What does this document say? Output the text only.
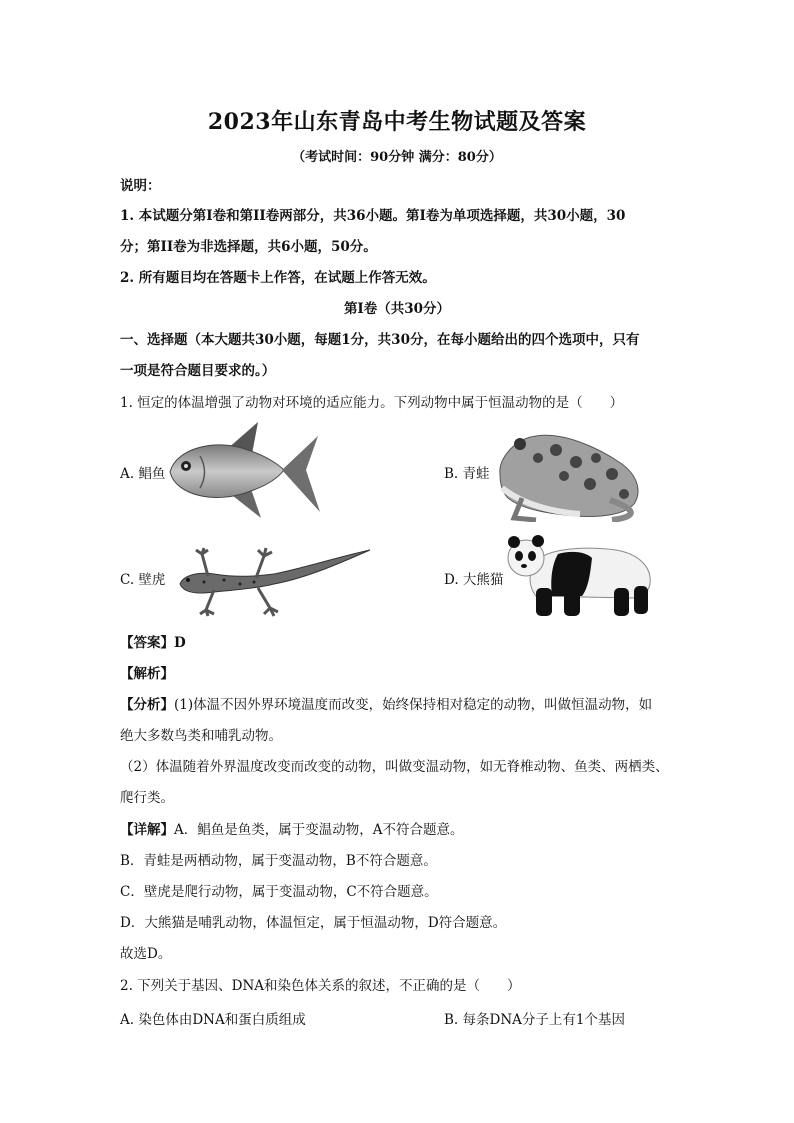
2023年山东青岛中考生物试题及答案
（考试时间：90分钟 满分：80分）
说明：
1. 本试题分第I卷和第II卷两部分，共36小题。第I卷为单项选择题，共30小题，30
分；第II卷为非选择题，共6小题，50分。
2. 所有题目均在答题卡上作答，在试题上作答无效。
第I卷（共30分）
一、选择题（本大题共30小题，每题1分，共30分，在每小题给出的四个选项中，只有
一项是符合题目要求的。）
1. 恒定的体温增强了动物对环境的适应能力。下列动物中属于恒温动物的是（　　）
A. 鲳鱼	B. 青蛙
C. 壁虎	D. 大熊猫
【答案】D
【解析】
【分析】(1)体温不因外界环境温度而改变，始终保持相对稳定的动物，叫做恒温动物，如
绝大多数鸟类和哺乳动物。
（2）体温随着外界温度改变而改变的动物，叫做变温动物，如无脊椎动物、鱼类、两栖类、
爬行类。
【详解】A．鲳鱼是鱼类，属于变温动物，A不符合题意。
B．青蛙是两栖动物，属于变温动物，B不符合题意。
C．壁虎是爬行动物，属于变温动物，C不符合题意。
D．大熊猫是哺乳动物，体温恒定，属于恒温动物，D符合题意。
故选D。
2. 下列关于基因、DNA和染色体关系的叙述，不正确的是（　　）
A. 染色体由DNA和蛋白质组成	B. 每条DNA分子上有1个基因
